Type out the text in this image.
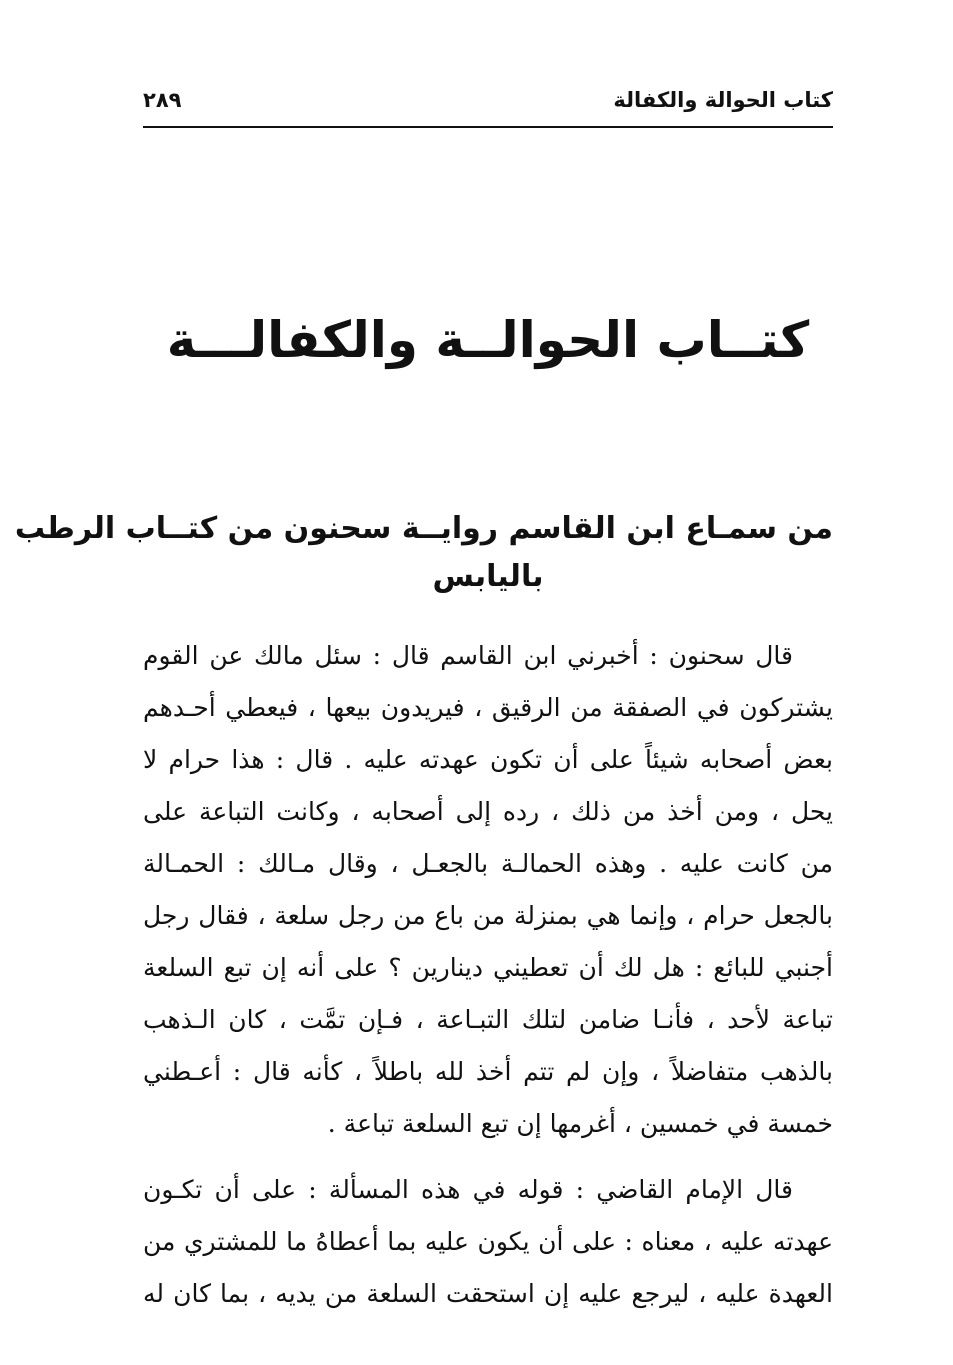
كتاب الحوالة والكفالة
٢٨٩
كتــاب الحوالــة والكفالـــة
من سمـاع ابن القاسم روايــة سحنون من كتــاب الرطب
باليابس
قال سحنون : أخبرني ابن القاسم قال : سئل مالك عن القوم
يشتركون في الصفقة من الرقيق ، فيريدون بيعها ، فيعطي أحـدهم
بعض أصحابه شيئاً على أن تكون عهدته عليه . قال : هذا حرام لا
يحل ، ومن أخذ من ذلك ، رده إلى أصحابه ، وكانت التباعة على
من كانت عليه . وهذه الحمالـة بالجعـل ، وقال مـالك : الحمـالة
بالجعل حرام ، وإنما هي بمنزلة من باع من رجل سلعة ، فقال رجل
أجنبي للبائع : هل لك أن تعطيني دينارين ؟ على أنه إن تبع السلعة
تباعة لأحد ، فأنـا ضامن لتلك التبـاعة ، فـإن تمَّت ، كان الـذهب
بالذهب متفاضلاً ، وإن لم تتم أخذ لله باطلاً ، كأنه قال : أعـطني
خمسة في خمسين ، أغرمها إن تبع السلعة تباعة .
قال الإمام القاضي : قوله في هذه المسألة : على أن تكـون
عهدته عليه ، معناه : على أن يكون عليه بما أعطاهُ ما للمشتري من
العهدة عليه ، ليرجع عليه إن استحقت السلعة من يديه ، بما كان له
